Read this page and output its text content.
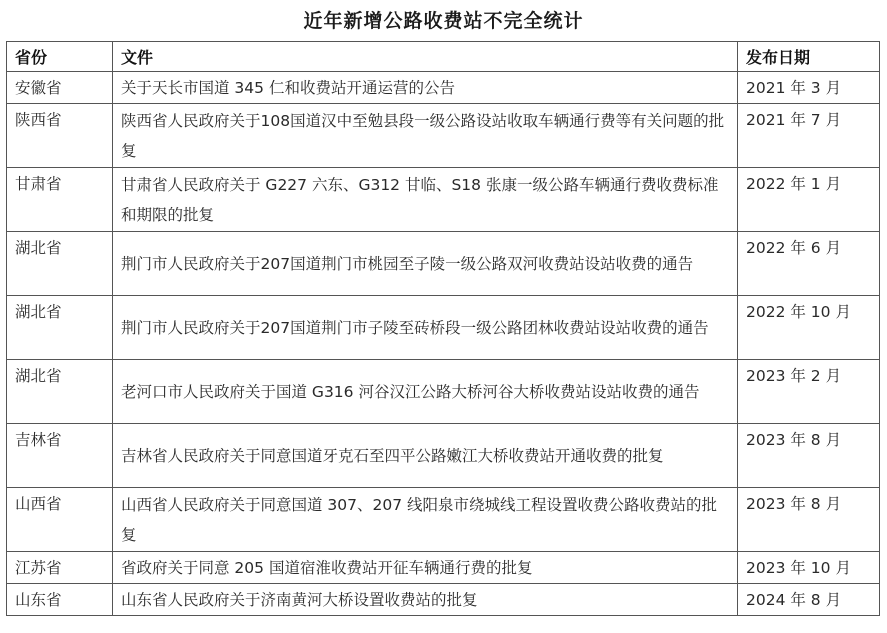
近年新增公路收费站不完全统计
省份	文件	发布日期
安徽省	关于天长市国道 345 仁和收费站开通运营的公告	2021 年 3 月
陕西省	陕西省人民政府关于108国道汉中至勉县段一级公路设站收取车辆通行费等有关问题的批复	2021 年 7 月
甘肃省	甘肃省人民政府关于 G227 六东、G312 甘临、S18 张康一级公路车辆通行费收费标准和期限的批复	2022 年 1 月
湖北省	荆门市人民政府关于207国道荆门市桃园至子陵一级公路双河收费站设站收费的通告	2022 年 6 月
湖北省	荆门市人民政府关于207国道荆门市子陵至砖桥段一级公路团林收费站设站收费的通告	2022 年 10 月
湖北省	老河口市人民政府关于国道 G316 河谷汉江公路大桥河谷大桥收费站设站收费的通告	2023 年 2 月
吉林省	吉林省人民政府关于同意国道牙克石至四平公路嫩江大桥收费站开通收费的批复	2023 年 8 月
山西省	山西省人民政府关于同意国道 307、207 线阳泉市绕城线工程设置收费公路收费站的批复	2023 年 8 月
江苏省	省政府关于同意 205 国道宿淮收费站开征车辆通行费的批复	2023 年 10 月
山东省	山东省人民政府关于济南黄河大桥设置收费站的批复	2024 年 8 月
